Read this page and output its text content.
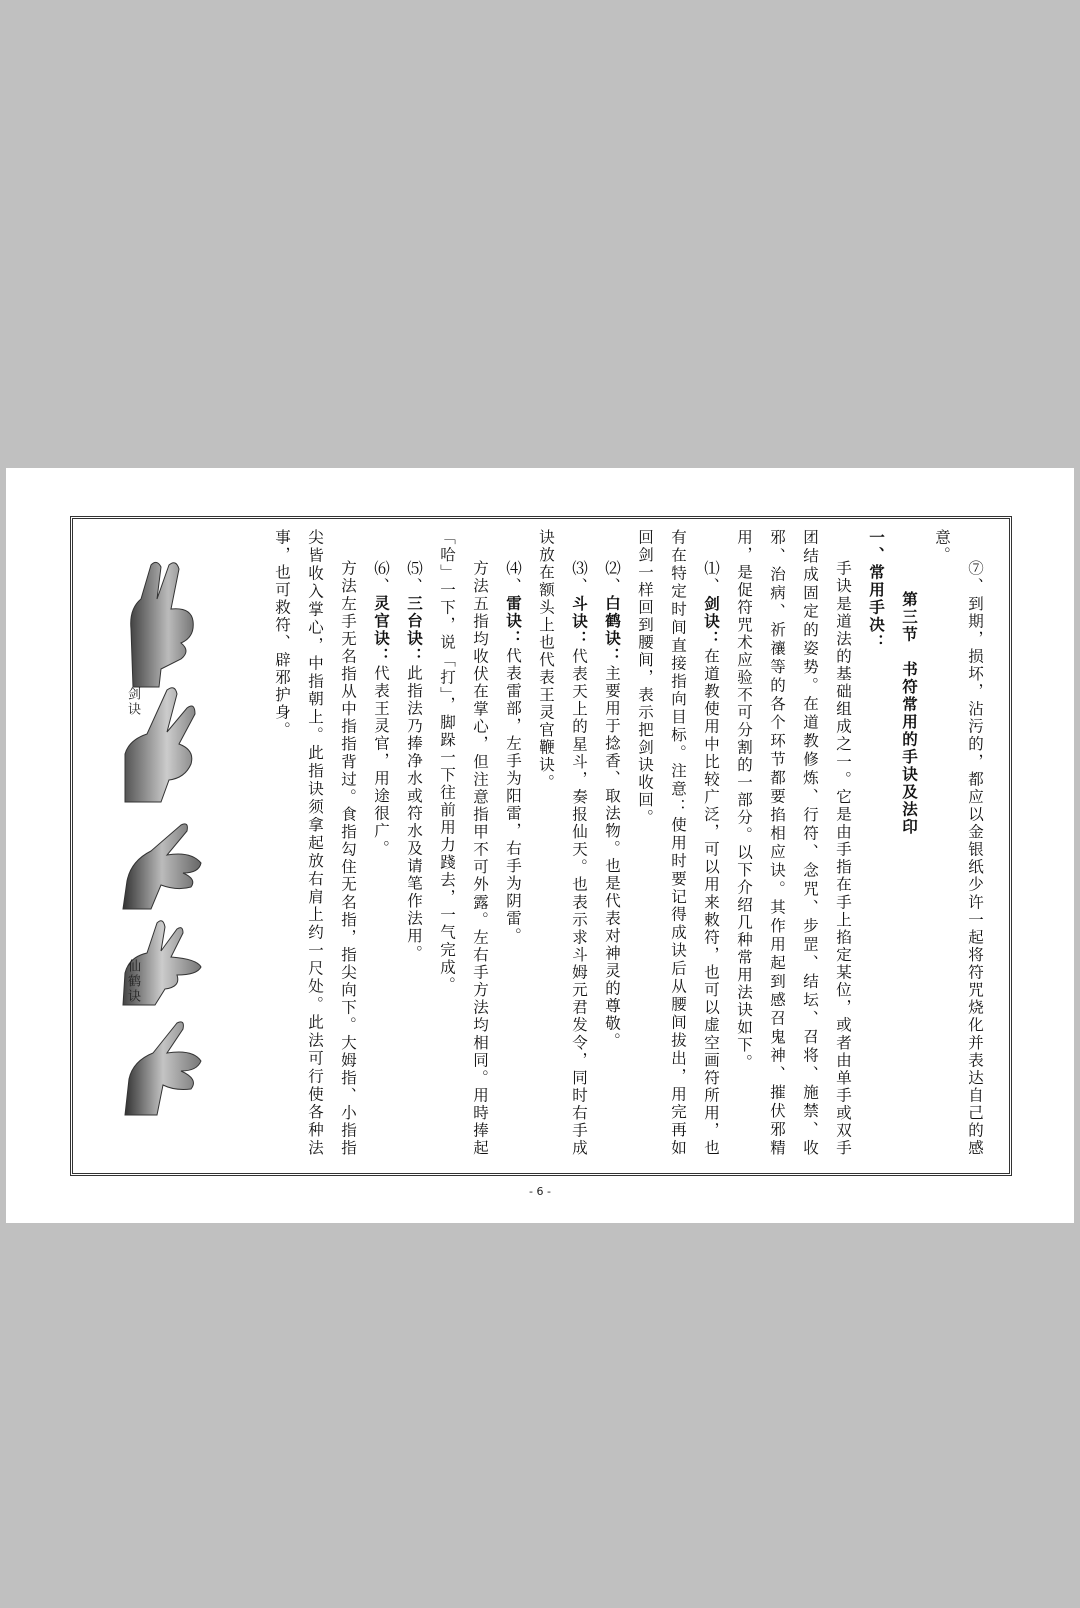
⑦、到期，损坏，沾污的，都应以金银纸少许一起将符咒烧化并表达自己的感意。

第三节　书符常用的手诀及法印

一、常用手决：

手诀是道法的基础组成之一。它是由手指在手上掐定某位，或者由单手或双手团结成固定的姿势。在道教修炼、行符、念咒、步罡、结坛、召将、施禁、收邪、治病、祈禳等的各个环节都要掐相应诀。其作用起到感召鬼神、摧伏邪精用，是促符咒术应验不可分割的一部分。以下介绍几种常用法诀如下。

⑴、剑诀：在道教使用中比较广泛，可以用来敕符，也可以虚空画符所用，也有在特定时间直接指向目标。注意：使用时要记得成诀后从腰间拔出，用完再如回剑一样回到腰间，表示把剑诀收回。

⑵、白鹤诀：主要用于捻香、取法物。也是代表对神灵的尊敬。

⑶、斗诀：代表天上的星斗，奏报仙天。也表示求斗姆元君发令，同时右手成诀放在额头上也代表王灵官鞭诀。

⑷、雷诀：代表雷部，左手为阳雷，右手为阴雷。

方法五指均收伏在掌心，但注意指甲不可外露。左右手方法均相同。用時捧起「哈」一下，说「打」，脚跺一下往前用力踐去，一气完成。

⑸、三台诀：此指法乃捧净水或符水及请笔作法用。

⑹、灵官诀：代表王灵官，用途很广。

方法左手无名指从中指指背过。食指勾住无名指，指尖向下。大姆指、小指指尖皆收入掌心，中指朝上。此指诀须拿起放右肩上约一尺处。此法可行使各种法事，也可救符、辟邪护身。

剑诀
仙鹤诀
- 6 -
